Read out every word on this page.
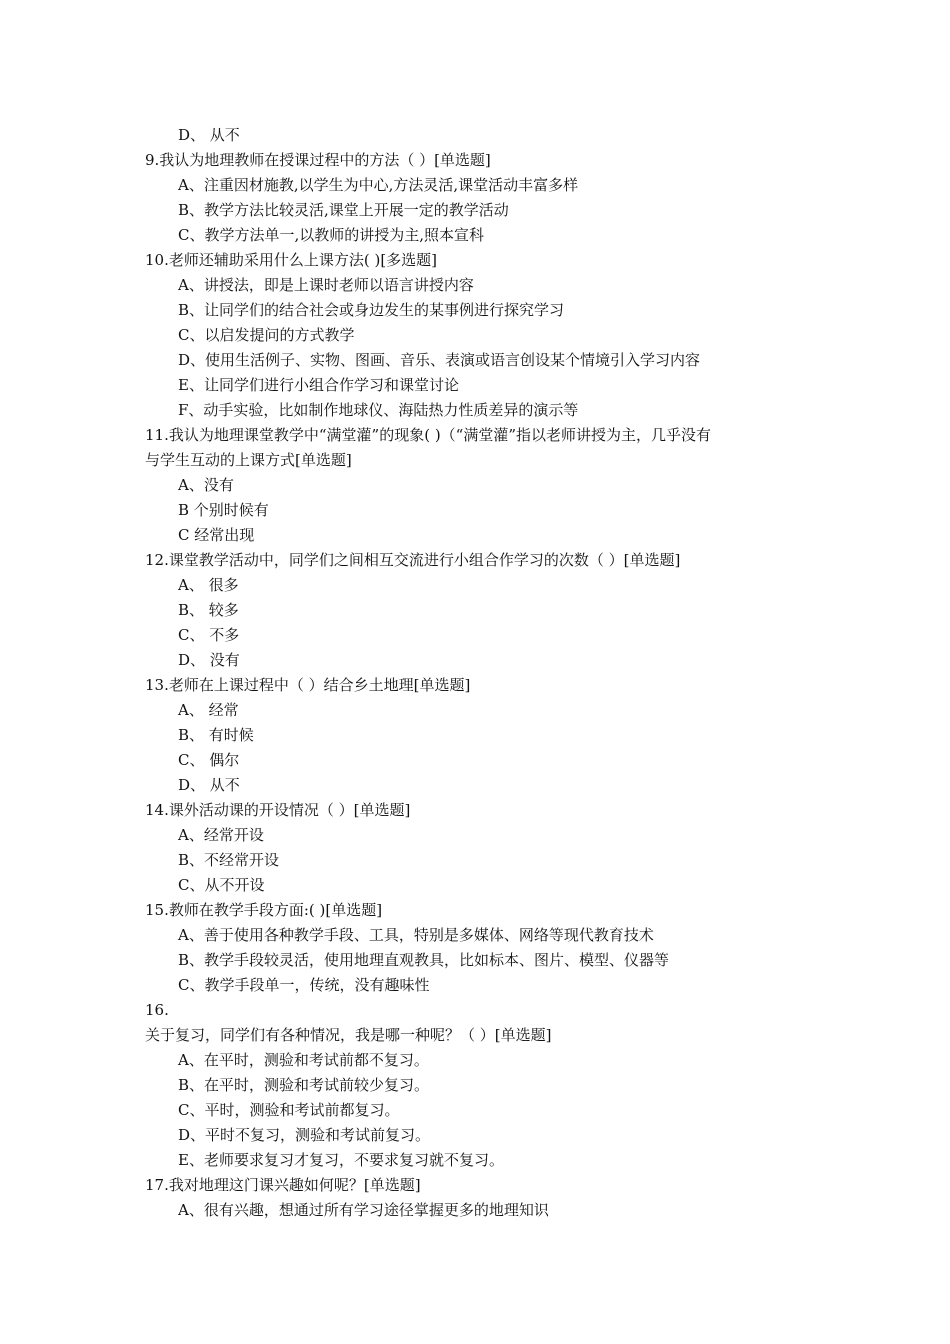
D、 从不
9.我认为地理教师在授课过程中的方法（ ）[单选题]
A、注重因材施教,以学生为中心,方法灵活,课堂活动丰富多样
B、教学方法比较灵活,课堂上开展一定的教学活动
C、教学方法单一,以教师的讲授为主,照本宣科
10.老师还辅助采用什么上课方法( )[多选题]
A、讲授法，即是上课时老师以语言讲授内容
B、让同学们的结合社会或身边发生的某事例进行探究学习
C、以启发提问的方式教学
D、使用生活例子、实物、图画、音乐、表演或语言创设某个情境引入学习内容
E、让同学们进行小组合作学习和课堂讨论
F、动手实验，比如制作地球仪、海陆热力性质差异的演示等
11.我认为地理课堂教学中“满堂灌”的现象( )（“满堂灌”指以老师讲授为主，几乎没有
与学生互动的上课方式[单选题]
A、没有
B 个别时候有
C 经常出现
12.课堂教学活动中，同学们之间相互交流进行小组合作学习的次数（ ）[单选题]
A、 很多
B、 较多
C、 不多
D、 没有
13.老师在上课过程中（ ）结合乡土地理[单选题]
A、 经常
B、 有时候
C、 偶尔
D、 从不
14.课外活动课的开设情况（ ）[单选题]
A、经常开设
B、不经常开设
C、从不开设
15.教师在教学手段方面:( )[单选题]
A、善于使用各种教学手段、工具，特别是多媒体、网络等现代教育技术
B、教学手段较灵活，使用地理直观教具，比如标本、图片、模型、仪器等
C、教学手段单一，传统，没有趣味性
16.
关于复习，同学们有各种情况，我是哪一种呢？（ ）[单选题]
A、在平时，测验和考试前都不复习。
B、在平时，测验和考试前较少复习。
C、平时，测验和考试前都复习。
D、平时不复习，测验和考试前复习。
E、老师要求复习才复习，不要求复习就不复习。
17.我对地理这门课兴趣如何呢？[单选题]
A、很有兴趣，想通过所有学习途径掌握更多的地理知识
